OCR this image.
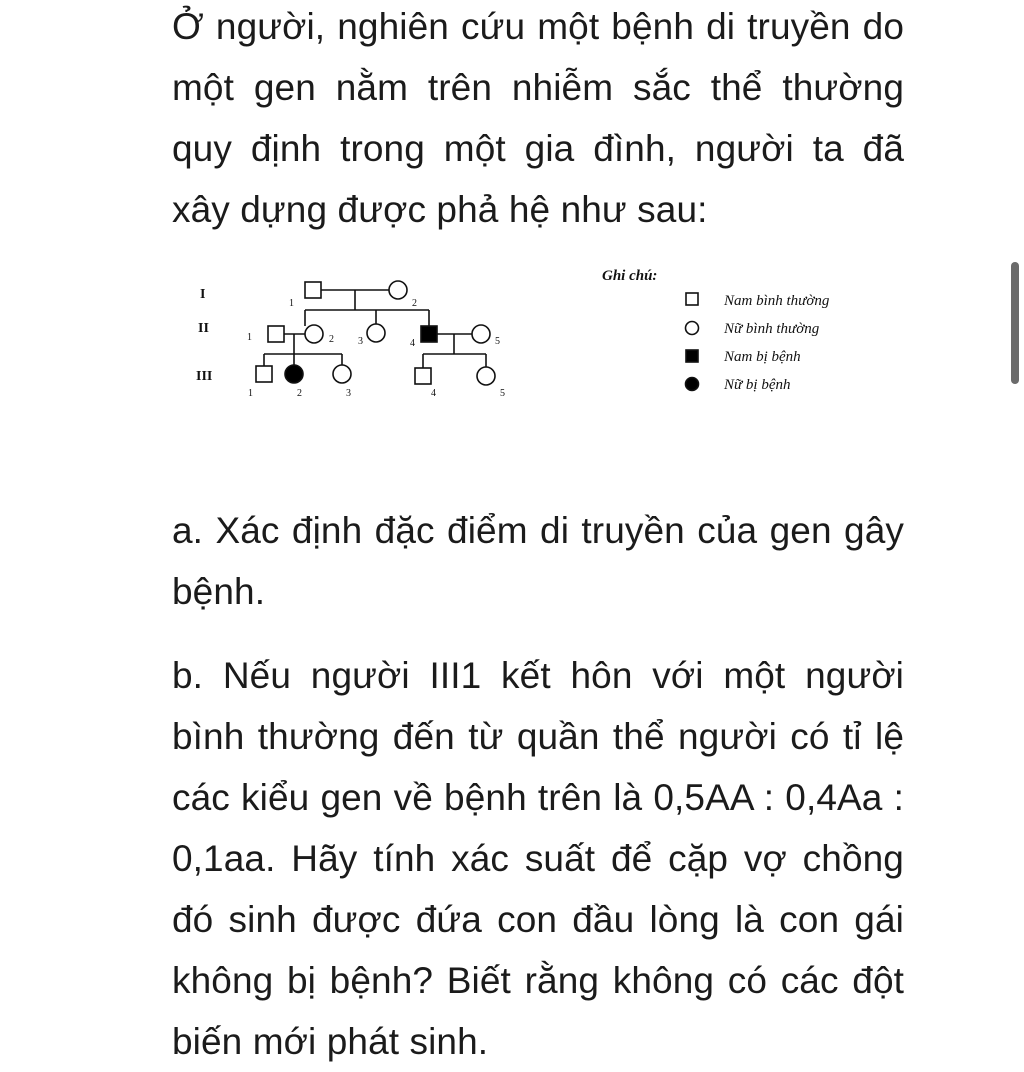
Ở người, nghiên cứu một bệnh di truyền do một gen nằm trên nhiễm sắc thể thường quy định trong một gia đình, người ta đã xây dựng được phả hệ như sau:

I
II
III
1	2
1	2 3	4	5
1	2	3	4	5
Ghi chú:
Nam bình thường
Nữ bình thường
Nam bị bệnh
Nữ bị bệnh

a. Xác định đặc điểm di truyền của gen gây bệnh.

b. Nếu người III1 kết hôn với một người bình thường đến từ quần thể người có tỉ lệ các kiểu gen về bệnh trên là 0,5AA : 0,4Aa : 0,1aa. Hãy tính xác suất để cặp vợ chồng đó sinh được đứa con đầu lòng là con gái không bị bệnh? Biết rằng không có các đột biến mới phát sinh.
